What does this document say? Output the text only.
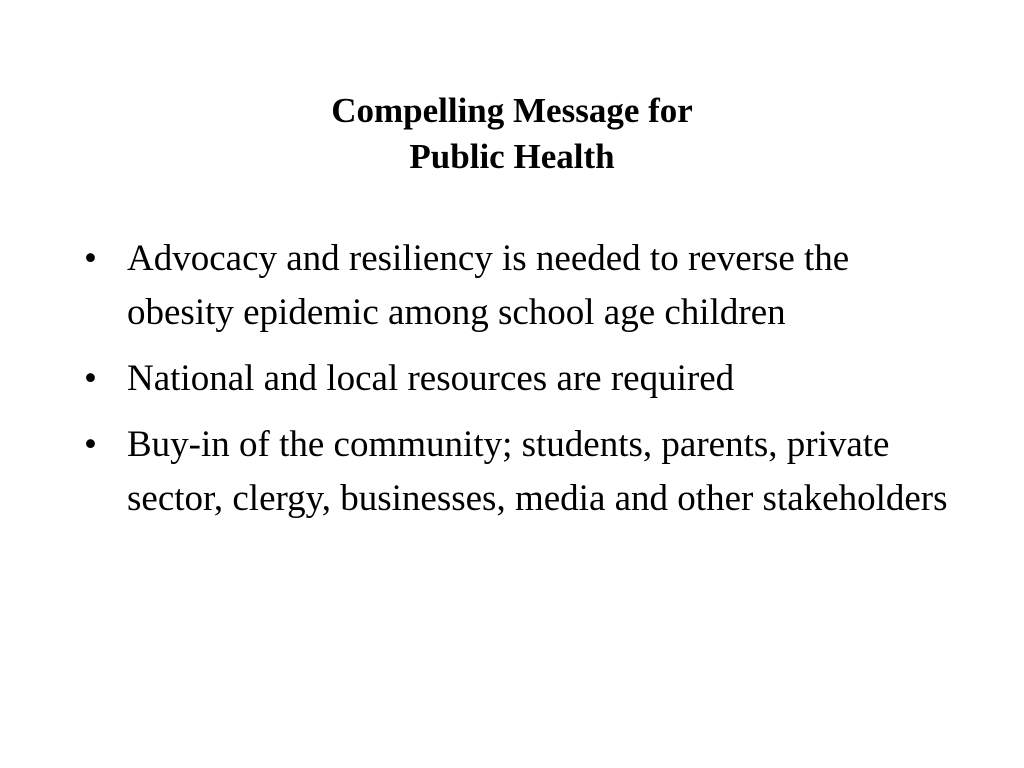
Compelling Message for
Public Health
• Advocacy and resiliency is needed to reverse the obesity epidemic among school age children
• National and local resources are required
• Buy-in of the community; students, parents, private sector, clergy, businesses, media and other stakeholders
